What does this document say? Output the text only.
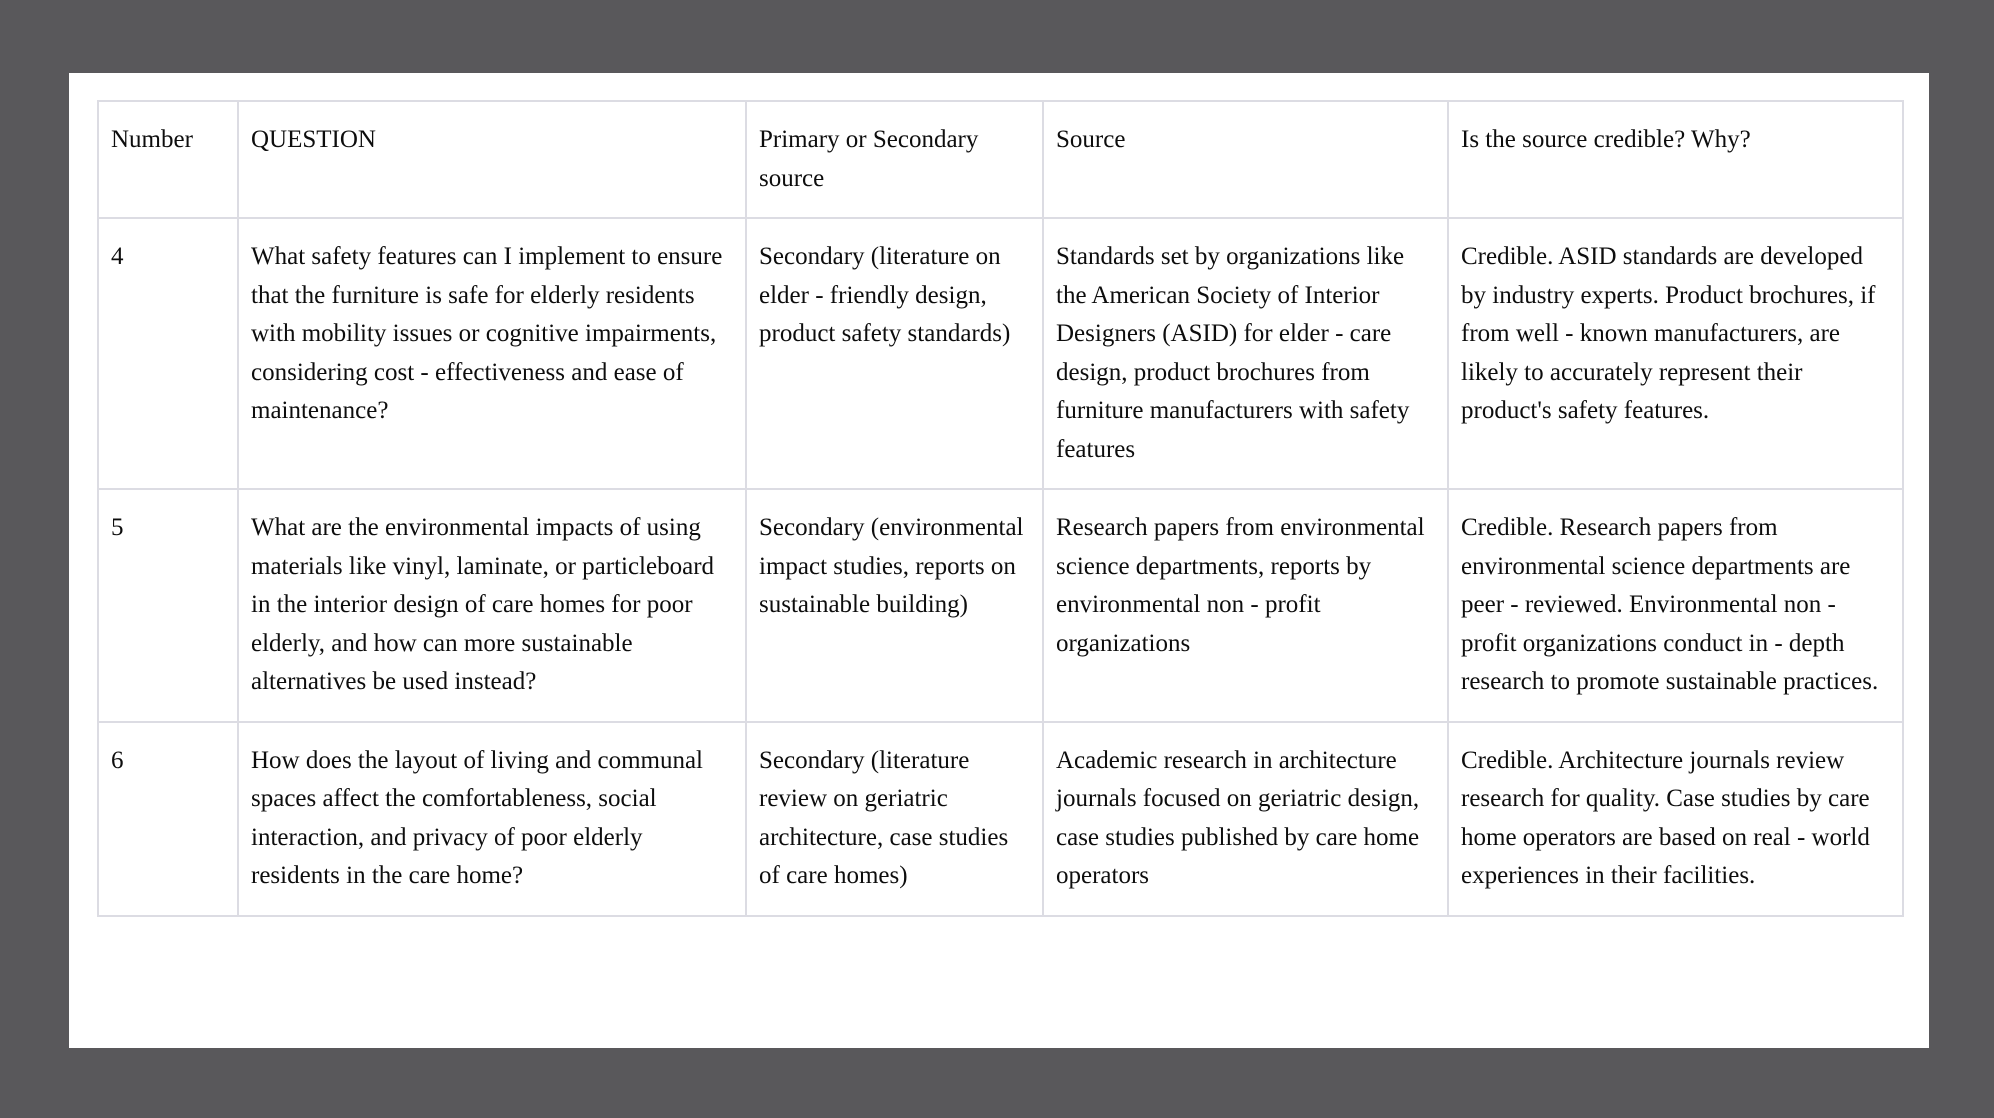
Number	QUESTION	Primary or Secondary source	Source	Is the source credible? Why?
4	What safety features can I implement to ensure that the furniture is safe for elderly residents with mobility issues or cognitive impairments, considering cost - effectiveness and ease of maintenance?	Secondary (literature on elder - friendly design, product safety standards)	Standards set by organizations like the American Society of Interior Designers (ASID) for elder - care design, product brochures from furniture manufacturers with safety features	Credible. ASID standards are developed by industry experts. Product brochures, if from well - known manufacturers, are likely to accurately represent their product's safety features.
5	What are the environmental impacts of using materials like vinyl, laminate, or particleboard in the interior design of care homes for poor elderly, and how can more sustainable alternatives be used instead?	Secondary (environmental impact studies, reports on sustainable building)	Research papers from environmental science departments, reports by environmental non - profit organizations	Credible. Research papers from environmental science departments are peer - reviewed. Environmental non - profit organizations conduct in - depth research to promote sustainable practices.
6	How does the layout of living and communal spaces affect the comfortableness, social interaction, and privacy of poor elderly residents in the care home?	Secondary (literature review on geriatric architecture, case studies of care homes)	Academic research in architecture journals focused on geriatric design, case studies published by care home operators	Credible. Architecture journals review research for quality. Case studies by care home operators are based on real - world experiences in their facilities.
